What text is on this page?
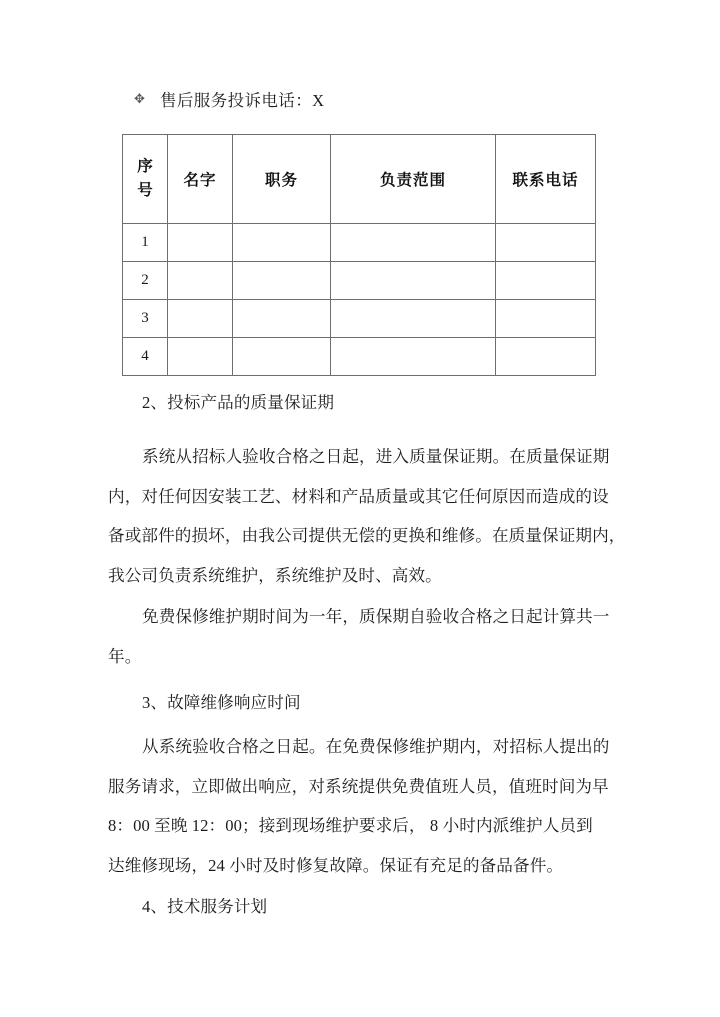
✥ 售后服务投诉电话：X
序
号	名字	职务	负责范围	联系电话
1				
2				
3				
4				
2、投标产品的质量保证期
系统从招标人验收合格之日起，进入质量保证期。在质量保证期
内，对任何因安装工艺、材料和产品质量或其它任何原因而造成的设
备或部件的损坏，由我公司提供无偿的更换和维修。在质量保证期内，
我公司负责系统维护，系统维护及时、高效。
免费保修维护期时间为一年，质保期自验收合格之日起计算共一
年。
3、故障维修响应时间
从系统验收合格之日起。在免费保修维护期内，对招标人提出的
服务请求，立即做出响应，对系统提供免费值班人员，值班时间为早
8：00 至晚 12：00；接到现场维护要求后， 8 小时内派维护人员到
达维修现场，24 小时及时修复故障。保证有充足的备品备件。
4、技术服务计划
